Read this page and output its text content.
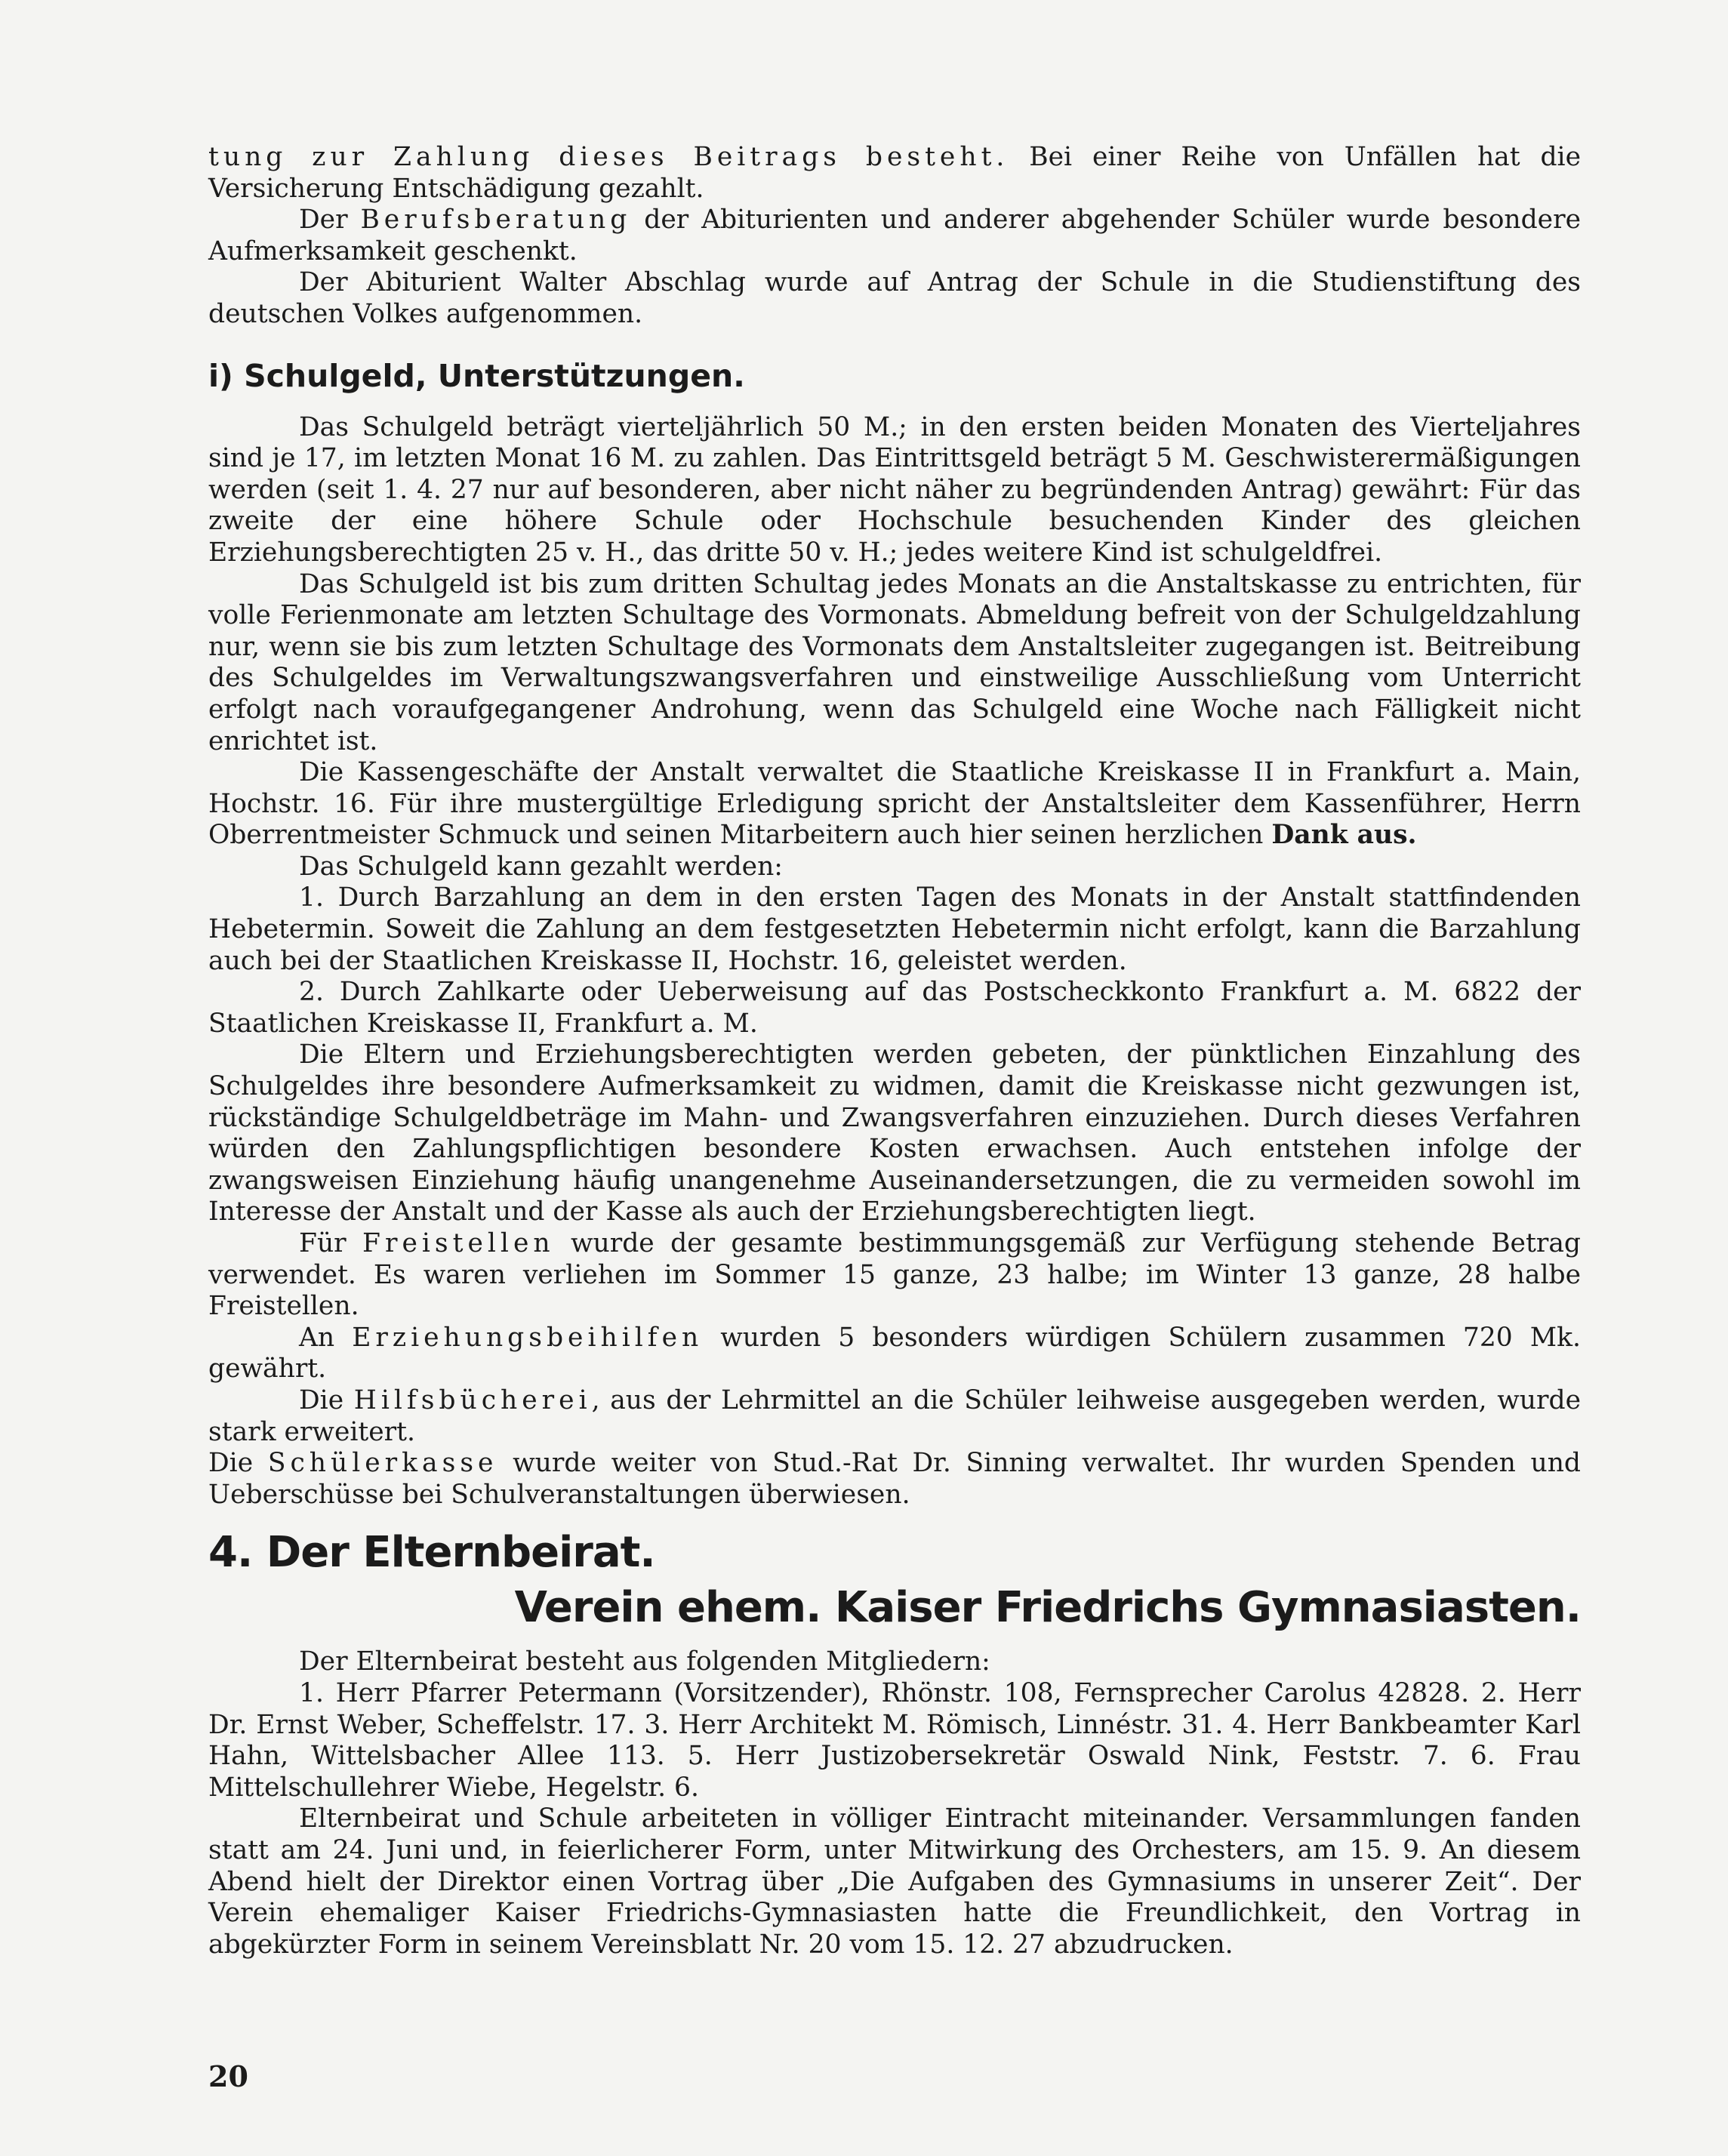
tung zur Zahlung dieses Beitrags besteht. Bei einer Reihe von Unfällen hat die Versicherung Entschädigung gezahlt.

Der Berufsberatung der Abiturienten und anderer abgehender Schüler wurde besondere Aufmerksamkeit geschenkt.

Der Abiturient Walter Abschlag wurde auf Antrag der Schule in die Studienstiftung des deutschen Volkes aufgenommen.

i) Schulgeld, Unterstützungen.

Das Schulgeld beträgt vierteljährlich 50 M.; in den ersten beiden Monaten des Vierteljahres sind je 17, im letzten Monat 16 M. zu zahlen. Das Eintrittsgeld beträgt 5 M. Geschwisterermäßigungen werden (seit 1. 4. 27 nur auf besonderen, aber nicht näher zu begründenden Antrag) gewährt: Für das zweite der eine höhere Schule oder Hochschule besuchenden Kinder des gleichen Erziehungsberechtigten 25 v. H., das dritte 50 v. H.; jedes weitere Kind ist schulgeldfrei.

Das Schulgeld ist bis zum dritten Schultag jedes Monats an die Anstaltskasse zu entrichten, für volle Ferienmonate am letzten Schultage des Vormonats. Abmeldung befreit von der Schulgeldzahlung nur, wenn sie bis zum letzten Schultage des Vormonats dem Anstaltsleiter zugegangen ist. Beitreibung des Schulgeldes im Verwaltungszwangsverfahren und einstweilige Ausschließung vom Unterricht erfolgt nach voraufgegangener Androhung, wenn das Schulgeld eine Woche nach Fälligkeit nicht enrichtet ist.

Die Kassengeschäfte der Anstalt verwaltet die Staatliche Kreiskasse II in Frankfurt a. Main, Hochstr. 16. Für ihre mustergültige Erledigung spricht der Anstaltsleiter dem Kassenführer, Herrn Oberrentmeister Schmuck und seinen Mitarbeitern auch hier seinen herzlichen Dank aus.

Das Schulgeld kann gezahlt werden:

1. Durch Barzahlung an dem in den ersten Tagen des Monats in der Anstalt stattfindenden Hebetermin. Soweit die Zahlung an dem festgesetzten Hebetermin nicht erfolgt, kann die Barzahlung auch bei der Staatlichen Kreiskasse II, Hochstr. 16, geleistet werden.

2. Durch Zahlkarte oder Ueberweisung auf das Postscheckkonto Frankfurt a. M. 6822 der Staatlichen Kreiskasse II, Frankfurt a. M.

Die Eltern und Erziehungsberechtigten werden gebeten, der pünktlichen Einzahlung des Schulgeldes ihre besondere Aufmerksamkeit zu widmen, damit die Kreiskasse nicht gezwungen ist, rückständige Schulgeldbeträge im Mahn- und Zwangsverfahren einzuziehen. Durch dieses Verfahren würden den Zahlungspflichtigen besondere Kosten erwachsen. Auch entstehen infolge der zwangsweisen Einziehung häufig unangenehme Auseinandersetzungen, die zu vermeiden sowohl im Interesse der Anstalt und der Kasse als auch der Erziehungsberechtigten liegt.

Für Freistellen wurde der gesamte bestimmungsgemäß zur Verfügung stehende Betrag verwendet. Es waren verliehen im Sommer 15 ganze, 23 halbe; im Winter 13 ganze, 28 halbe Freistellen.

An Erziehungsbeihilfen wurden 5 besonders würdigen Schülern zusammen 720 Mk. gewährt.

Die Hilfsbücherei, aus der Lehrmittel an die Schüler leihweise ausgegeben werden, wurde stark erweitert.

Die Schülerkasse wurde weiter von Stud.-Rat Dr. Sinning verwaltet. Ihr wurden Spenden und Ueberschüsse bei Schulveranstaltungen überwiesen.

4. Der Elternbeirat.
Verein ehem. Kaiser Friedrichs Gymnasiasten.

Der Elternbeirat besteht aus folgenden Mitgliedern:

1. Herr Pfarrer Petermann (Vorsitzender), Rhönstr. 108, Fernsprecher Carolus 42828. 2. Herr Dr. Ernst Weber, Scheffelstr. 17. 3. Herr Architekt M. Römisch, Linnéstr. 31. 4. Herr Bankbeamter Karl Hahn, Wittelsbacher Allee 113. 5. Herr Justizobersekretär Oswald Nink, Feststr. 7. 6. Frau Mittelschullehrer Wiebe, Hegelstr. 6.

Elternbeirat und Schule arbeiteten in völliger Eintracht miteinander. Versammlungen fanden statt am 24. Juni und, in feierlicherer Form, unter Mitwirkung des Orchesters, am 15. 9. An diesem Abend hielt der Direktor einen Vortrag über „Die Aufgaben des Gymnasiums in unserer Zeit“. Der Verein ehemaliger Kaiser Friedrichs-Gymnasiasten hatte die Freundlichkeit, den Vortrag in abgekürzter Form in seinem Vereinsblatt Nr. 20 vom 15. 12. 27 abzudrucken.

20
